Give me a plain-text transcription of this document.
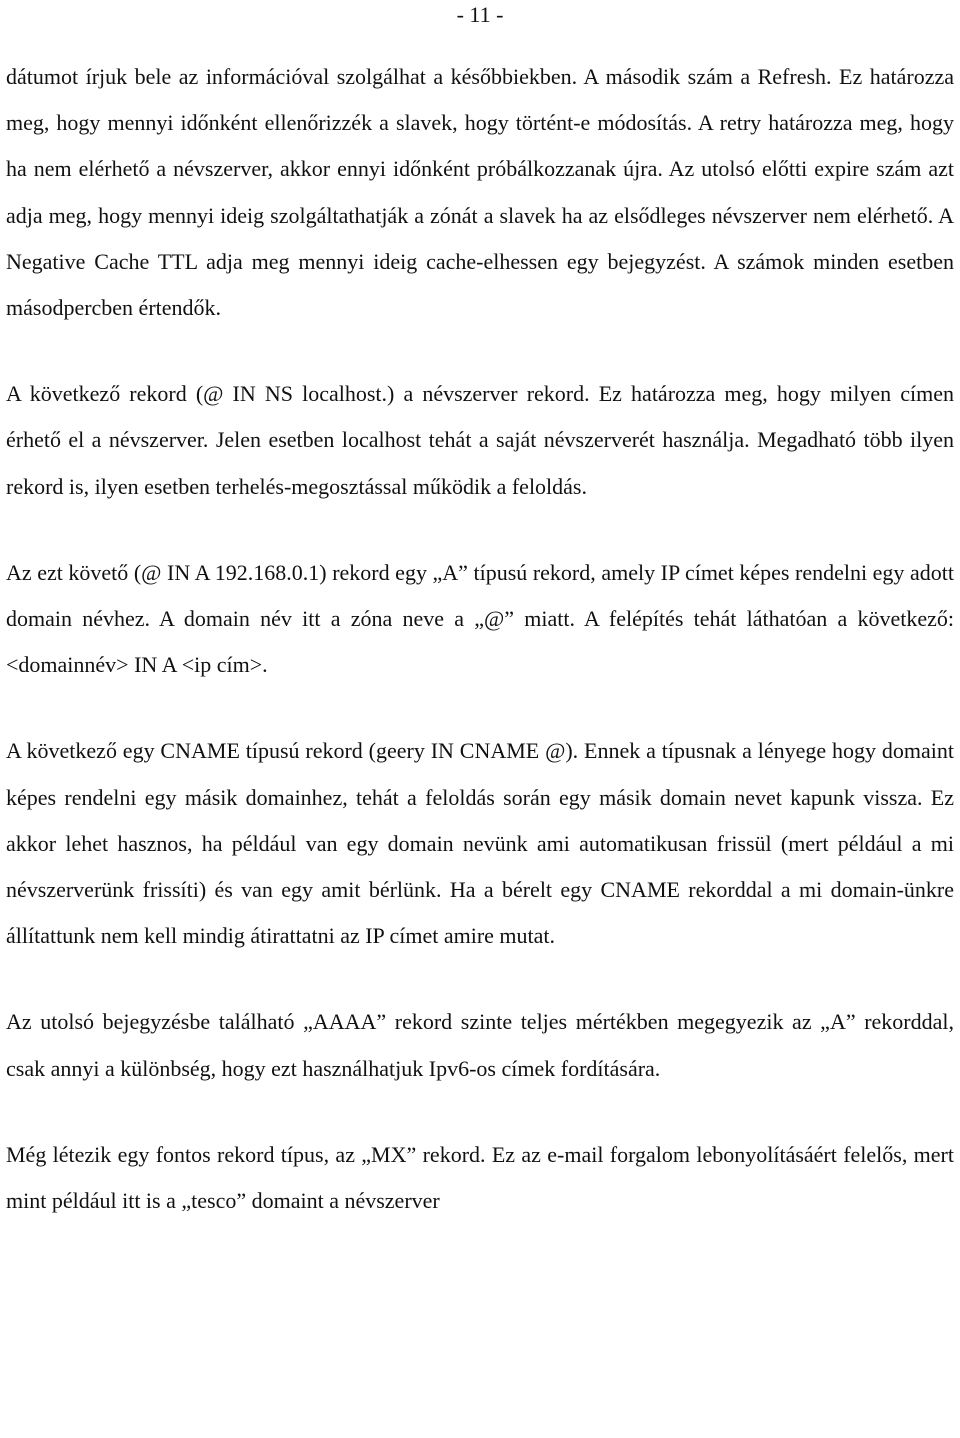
- 11 -

dátumot írjuk bele az információval szolgálhat a későbbiekben. A második szám a Refresh. Ez határozza meg, hogy mennyi időnként ellenőrizzék a slavek, hogy történt-e módosítás. A retry határozza meg, hogy ha nem elérhető a névszerver, akkor ennyi időnként próbálkozzanak újra. Az utolsó előtti expire szám azt adja meg, hogy mennyi ideig szolgáltathatják a zónát a slavek ha az elsődleges névszerver nem elérhető. A Negative Cache TTL adja meg mennyi ideig cache-elhessen egy bejegyzést. A számok minden esetben másodpercben értendők.

A következő rekord (@ IN NS localhost.) a névszerver rekord. Ez határozza meg, hogy milyen címen érhető el a névszerver. Jelen esetben localhost tehát a saját névszerverét használja. Megadható több ilyen rekord is, ilyen esetben terhelés-megosztással működik a feloldás.

Az ezt követő (@ IN A 192.168.0.1) rekord egy „A” típusú rekord, amely IP címet képes rendelni egy adott domain névhez. A domain név itt a zóna neve a „@” miatt. A felépítés tehát láthatóan a következő: <domainnév> IN A <ip cím>.

A következő egy CNAME típusú rekord (geery IN CNAME @). Ennek a típusnak a lényege hogy domaint képes rendelni egy másik domainhez, tehát a feloldás során egy másik domain nevet kapunk vissza. Ez akkor lehet hasznos, ha például van egy domain nevünk ami automatikusan frissül (mert például a mi névszerverünk frissíti) és van egy amit bérlünk. Ha a bérelt egy CNAME rekorddal a mi domain-ünkre állítattunk nem kell mindig átirattatni az IP címet amire mutat.

Az utolsó bejegyzésbe található „AAAA” rekord szinte teljes mértékben megegyezik az „A” rekorddal, csak annyi a különbség, hogy ezt használhatjuk Ipv6-os címek fordítására.

Még létezik egy fontos rekord típus, az „MX” rekord. Ez az e-mail forgalom lebonyolításáért felelős, mert mint például itt is a „tesco” domaint a névszerver
